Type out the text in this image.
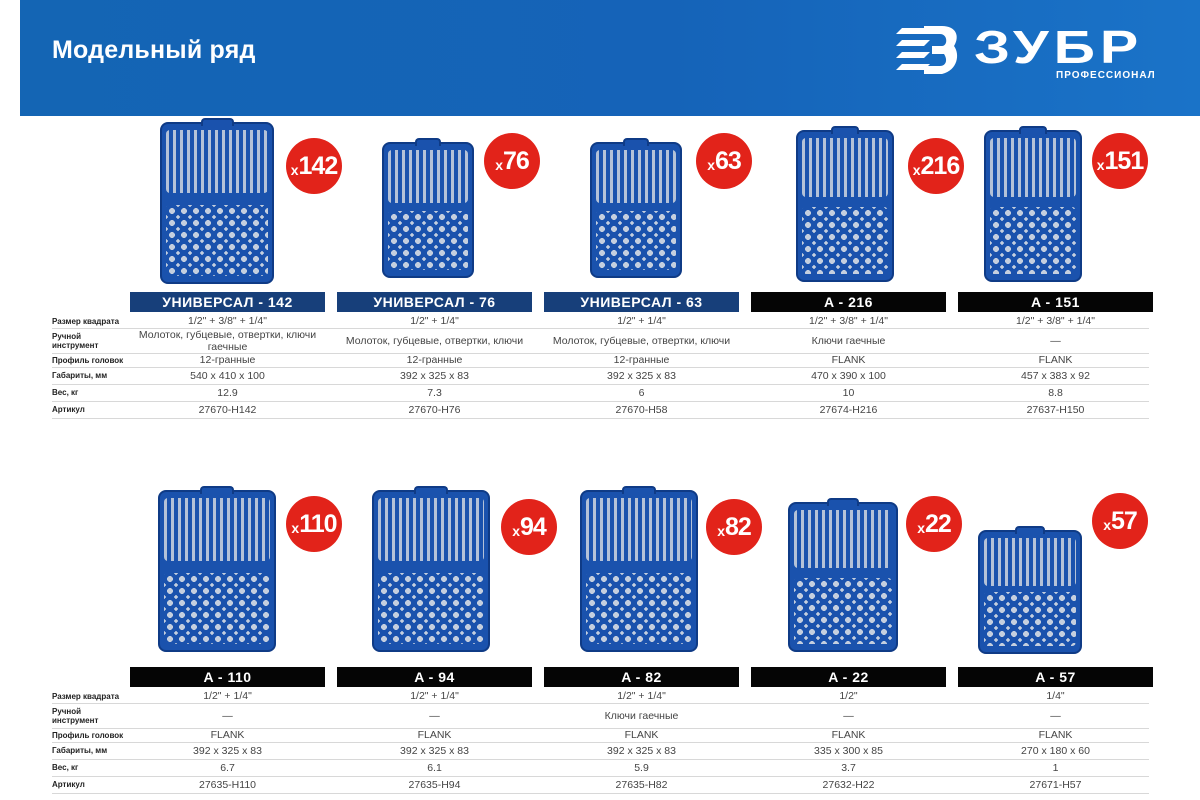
Модельный ряд	ЗУБР
ПРОФЕССИОНАЛ
Размер квадрата
Ручной инструмент
Профиль головок
Габариты, мм
Вес, кг
Артикул
x 142
УНИВЕРСАЛ - 142
1/2" + 3/8" + 1/4"
Молоток, губцевые, отвертки, ключи гаечные
12-гранные
540 x 410 x 100
12.9
27670-H142
x 76
УНИВЕРСАЛ - 76
1/2" + 1/4"
Молоток, губцевые, отвертки, ключи
12-гранные
392 x 325 x 83
7.3
27670-H76
x 63
УНИВЕРСАЛ - 63
1/2" + 1/4"
Молоток, губцевые, отвертки, ключи
12-гранные
392 x 325 x 83
6
27670-H58
x 216
A - 216
1/2" + 3/8" + 1/4"
Ключи гаечные
FLANK
470 x 390 x 100
10
27674-H216
x 151
A - 151
1/2" + 3/8" + 1/4"
—
FLANK
457 x 383 x 92
8.8
27637-H150
Размер квадрата
Ручной инструмент
Профиль головок
Габариты, мм
Вес, кг
Артикул
x 110
A - 110
1/2" + 1/4"
—
FLANK
392 x 325 x 83
6.7
27635-H110
x 94
A - 94
1/2" + 1/4"
—
FLANK
392 x 325 x 83
6.1
27635-H94
x 82
A - 82
1/2" + 1/4"
Ключи гаечные
FLANK
392 x 325 x 83
5.9
27635-H82
x 22
A - 22
1/2"
—
FLANK
335 x 300 x 85
3.7
27632-H22
x 57
A - 57
1/4"
—
FLANK
270 x 180 x 60
1
27671-H57
